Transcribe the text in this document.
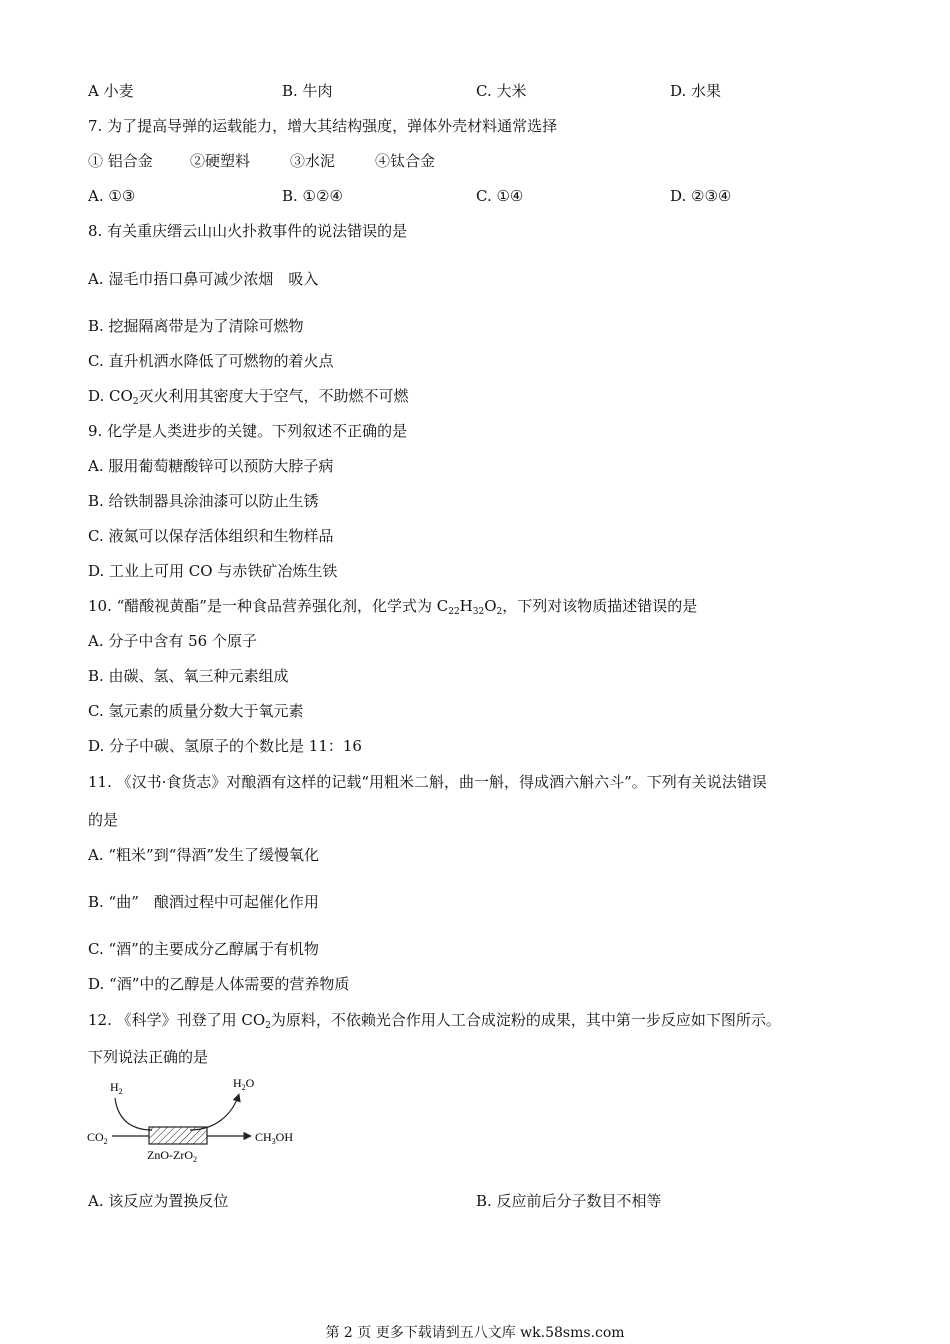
A 小麦	B. 牛肉	C. 大米	D. 水果
7. 为了提高导弹的运载能力，增大其结构强度，弹体外壳材料通常选择
① 铝合金 ②硬塑料	③水泥	④钛合金
A. ①③	B. ①②④	C. ①④	D. ②③④
8. 有关重庆缙云山山火扑救事件的说法错误的是
A. 湿毛巾捂口鼻可减少浓烟　吸入
B. 挖掘隔离带是为了清除可燃物
C. 直升机洒水降低了可燃物的着火点
D. $CO_2$灭火利用其密度大于空气，不助燃不可燃
9. 化学是人类进步的关键。下列叙述不正确的是
A. 服用葡萄糖酸锌可以预防大脖子病
B. 给铁制器具涂油漆可以防止生锈
C. 液氮可以保存活体组织和生物样品
D. 工业上可用 CO 与赤铁矿冶炼生铁
10. “醋酸视黄酯”是一种食品营养强化剂，化学式为 $C_{22}H_{32}O_2$，下列对该物质描述错误的是
A. 分子中含有 56 个原子
B. 由碳、氢、氧三种元素组成
C. 氢元素的质量分数大于氧元素
D. 分子中碳、氢原子的个数比是 11：16
11. 《汉书·食货志》对酿酒有这样的记载“用粗米二斛，曲一斛，得成酒六斛六斗”。下列有关说法错误
的是
A. “粗米”到“得酒”发生了缓慢氧化
B. “曲”　酿酒过程中可起催化作用
C. “酒”的主要成分乙醇属于有机物
D. “酒”中的乙醇是人体需要的营养物质
12. 《科学》刊登了用 $CO_2$为原料，不依赖光合作用人工合成淀粉的成果，其中第一步反应如下图所示。
下列说法正确的是
$H_2$
$H_2O$
$CO_2$	$CH_3OH$
ZnO-ZrO$_2$
A. 该反应为置换反位	B. 反应前后分子数目不相等
第 2 页 更多下载请到五八文库 wk.58sms.com
